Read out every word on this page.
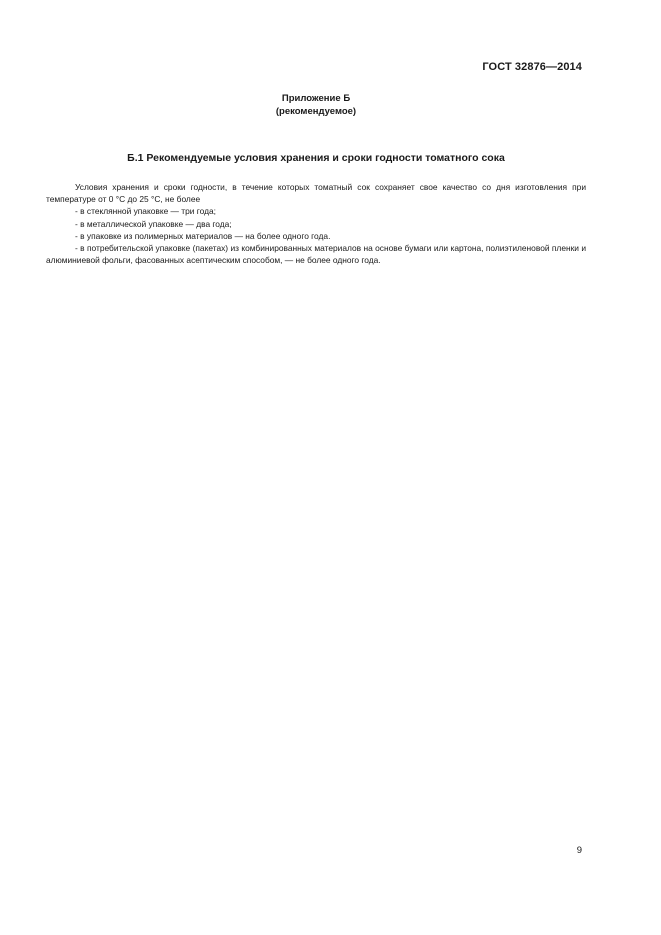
ГОСТ 32876—2014
Приложение Б
(рекомендуемое)
Б.1 Рекомендуемые условия хранения и сроки годности томатного сока

Условия хранения и сроки годности, в течение которых томатный сок сохраняет свое качество со дня изготовления при температуре от 0 °С до 25 °С, не более

- в стеклянной упаковке — три года;

- в металлической упаковке — два года;

- в упаковке из полимерных материалов — на более одного года.

- в потребительской упаковке (пакетах) из комбинированных материалов на основе бумаги или картона, полиэтиленовой пленки и алюминиевой фольги, фасованных асептическим способом, — не более одного года.

9
